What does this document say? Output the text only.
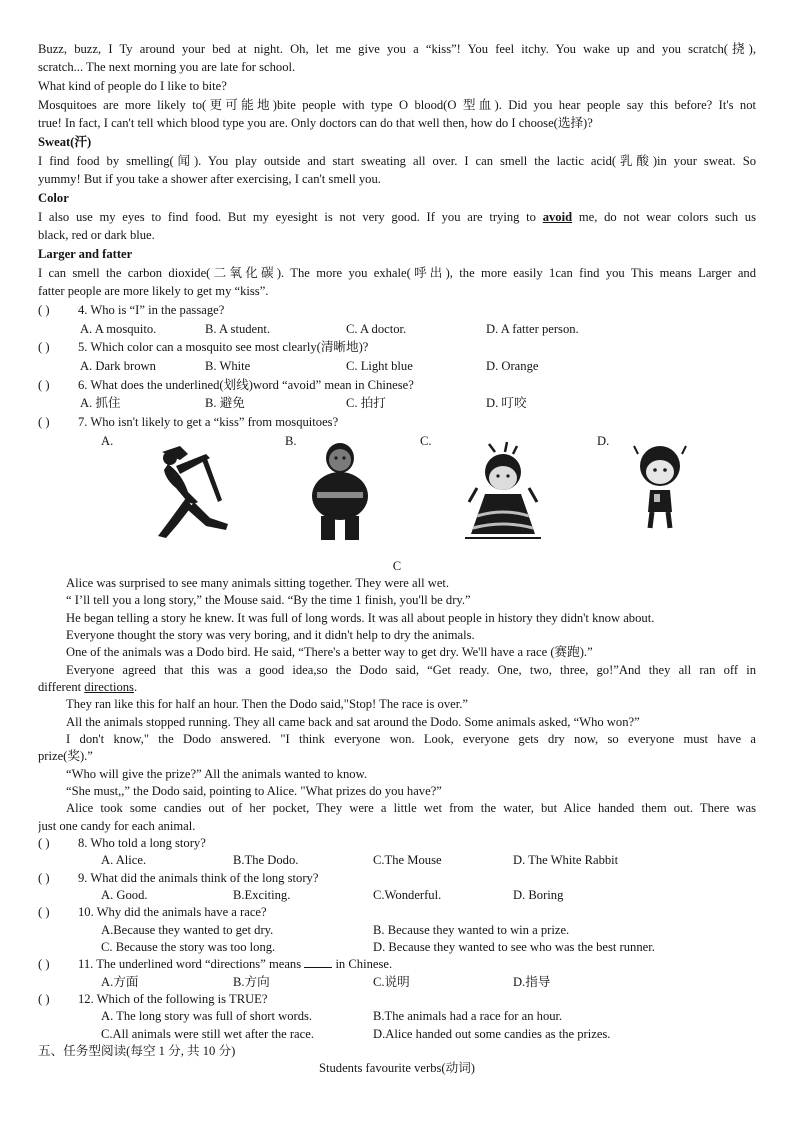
Buzz, buzz, I Ty around your bed at night. Oh, let me give you a “kiss”! You feel itchy. You wake up and you scratch(挠),
scratch... The next morning you are late for school.
What kind of people do I like to bite?
Mosquitoes are more likely to(更可能地)bite people with type O blood(O 型血). Did you hear people say this before? It's not
true! In fact, I can't tell which blood type you are. Only doctors can do that well then, how do I choose(选择)?
Sweat(汗)
I find food by smelling(闻). You play outside and start sweating all over. I can smell the lactic acid(乳酸)in your sweat. So
yummy! But if you take a shower after exercising, I can't smell you.
Color
I also use my eyes to find food. But my eyesight is not very good. If you are trying to avoid me, do not wear colors such us
black, red or dark blue.
Larger and fatter
I can smell the carbon dioxide(二氧化碳). The more you exhale(呼出), the more easily 1can find you This means Larger and
fatter people are more likely to get my “kiss”.
( ) 4. Who is “I” in the passage?
A. A mosquito.	B. A student.	C. A doctor.	D. A fatter person.
( ) 5. Which color can a mosquito see most clearly(清晰地)?
A. Dark brown	B. White	C. Light blue	D. Orange
( ) 6. What does the underlined(划线)word “avoid” mean in Chinese?
A. 抓住	B. 避免	C. 拍打	D. 叮咬
( ) 7. Who isn't likely to get a “kiss” from mosquitoes?
A.	B.	C.	D.
C
Alice was surprised to see many animals sitting together. They were all wet.
“ I’ll tell you a long story,” the Mouse said. “By the time 1 finish, you'll be dry.”
He began telling a story he knew. It was full of long words. It was all about people in history they didn't know about.
Everyone thought the story was very boring, and it didn't help to dry the animals.
One of the animals was a Dodo bird. He said, “There's a better way to get dry. We'll have a race (赛跑).”
Everyone agreed that this was a good idea,so the Dodo said, “Get ready. One, two, three, go!”And they all ran off in
different directions.
They ran like this for half an hour. Then the Dodo said,"Stop! The race is over.”
All the animals stopped running. They all came back and sat around the Dodo. Some animals asked, “Who won?”
I don't know," the Dodo answered. "I think everyone won. Look, everyone gets dry now, so everyone must have a
prize(奖).”
“Who will give the prize?” All the animals wanted to know.
“She must,,” the Dodo said, pointing to Alice. "What prizes do you have?”
Alice took some candies out of her pocket, They were a little wet from the water, but Alice handed them out. There was
just one candy for each animal.
( ) 8. Who told a long story?
A. Alice.	B.The Dodo.	C.The Mouse	D. The White Rabbit
( ) 9. What did the animals think of the long story?
A. Good.	B.Exciting.	C.Wonderful.	D. Boring
( ) 10. Why did the animals have a race?
A.Because they wanted to get dry.	B. Because they wanted to win a prize.
C. Because the story was too long.	D. Because they wanted to see who was the best runner.
( ) 11. The underlined word “directions” means	in Chinese.
A.方面	B.方向	C.说明	D.指导
( ) 12. Which of the following is TRUE?
A. The long story was full of short words.	B.The animals had a race for an hour.
C.All animals were still wet after the race.	D.Alice handed out some candies as the prizes.
五、任务型阅读(每空 1 分, 共 10 分)
Students favourite verbs(动词)
